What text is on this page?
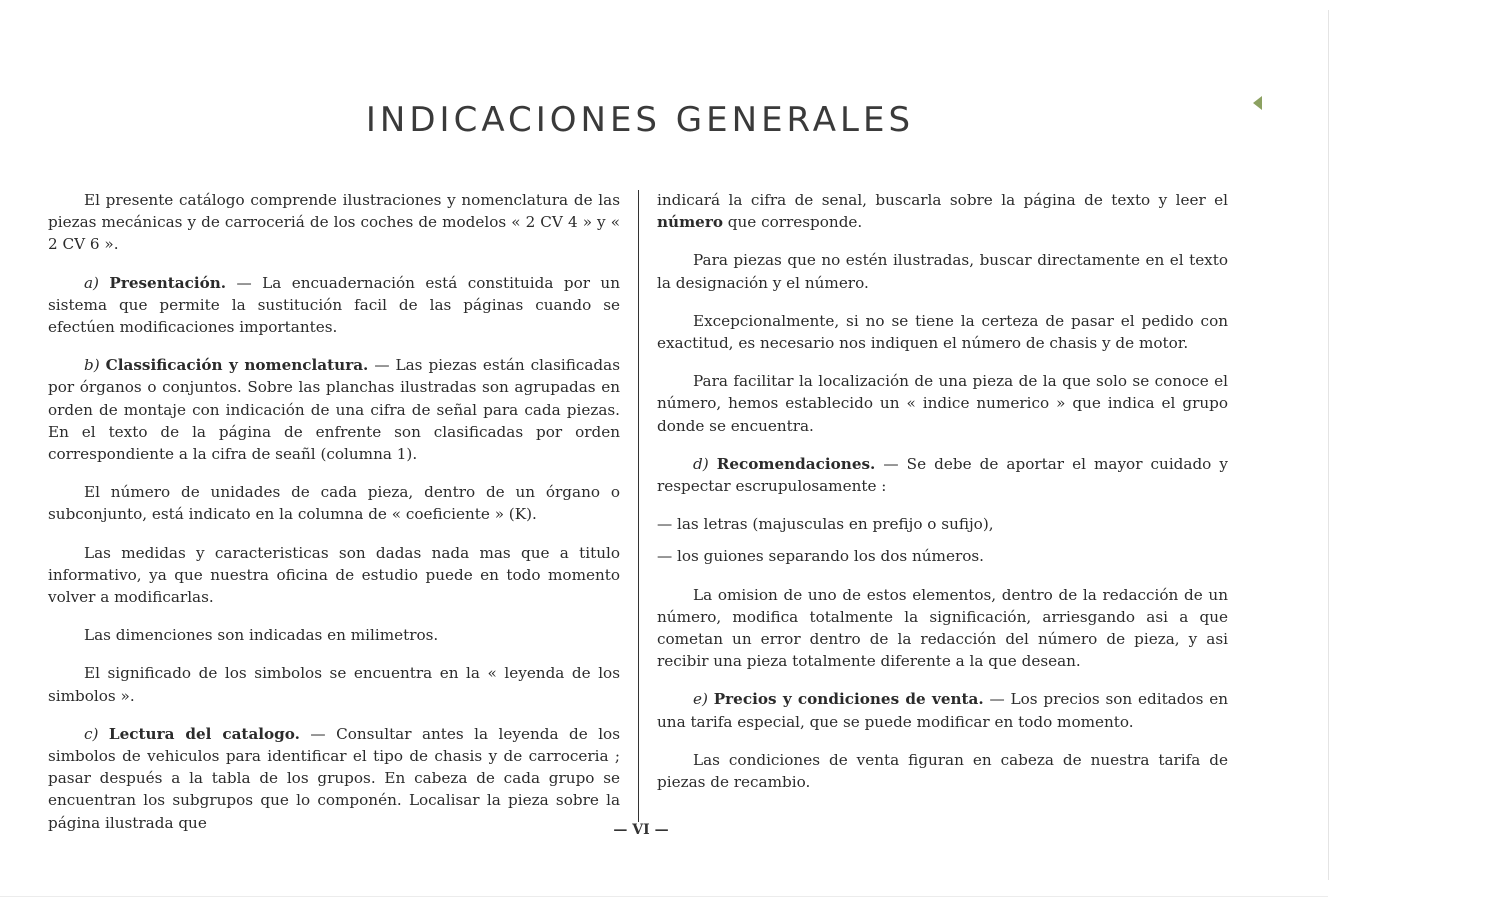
INDICACIONES GENERALES

El presente catálogo comprende ilustraciones y nomenclatura de las piezas mecánicas y de carroceriá de los coches de modelos « 2 CV 4 » y « 2 CV 6 ».

a) Presentación. — La encuadernación está constituida por un sistema que permite la sustitución facil de las páginas cuando se efectúen modificaciones importantes.

b) Classificación y nomenclatura. — Las piezas están clasificadas por órganos o conjuntos. Sobre las planchas ilustradas son agrupadas en orden de montaje con indicación de una cifra de señal para cada piezas. En el texto de la página de enfrente son clasificadas por orden correspondiente a la cifra de seañl (columna 1).

El número de unidades de cada pieza, dentro de un órgano o subconjunto, está indicato en la columna de « coeficiente » (K).

Las medidas y caracteristicas son dadas nada mas que a titulo informativo, ya que nuestra oficina de estudio puede en todo momento volver a modificarlas.

Las dimenciones son indicadas en milimetros.

El significado de los simbolos se encuentra en la « leyenda de los simbolos ».

c) Lectura del catalogo. — Consultar antes la leyenda de los simbolos de vehiculos para identificar el tipo de chasis y de carroceria ; pasar después a la tabla de los grupos. En cabeza de cada grupo se encuentran los subgrupos que lo componén. Localisar la pieza sobre la página ilustrada que

indicará la cifra de senal, buscarla sobre la página de texto y leer el número que corresponde.

Para piezas que no estén ilustradas, buscar directamente en el texto la designación y el número.

Excepcionalmente, si no se tiene la certeza de pasar el pedido con exactitud, es necesario nos indiquen el número de chasis y de motor.

Para facilitar la localización de una pieza de la que solo se conoce el número, hemos establecido un « indice numerico » que indica el grupo donde se encuentra.

d) Recomendaciones. — Se debe de aportar el mayor cuidado y respectar escrupulosamente :

— las letras (majusculas en prefijo o sufijo),

— los guiones separando los dos números.

La omision de uno de estos elementos, dentro de la redacción de un número, modifica totalmente la significación, arriesgando asi a que cometan un error dentro de la redacción del número de pieza, y asi recibir una pieza totalmente diferente a la que desean.

e) Precios y condiciones de venta. — Los precios son editados en una tarifa especial, que se puede modificar en todo momento.

Las condiciones de venta figuran en cabeza de nuestra tarifa de piezas de recambio.

— VI —
